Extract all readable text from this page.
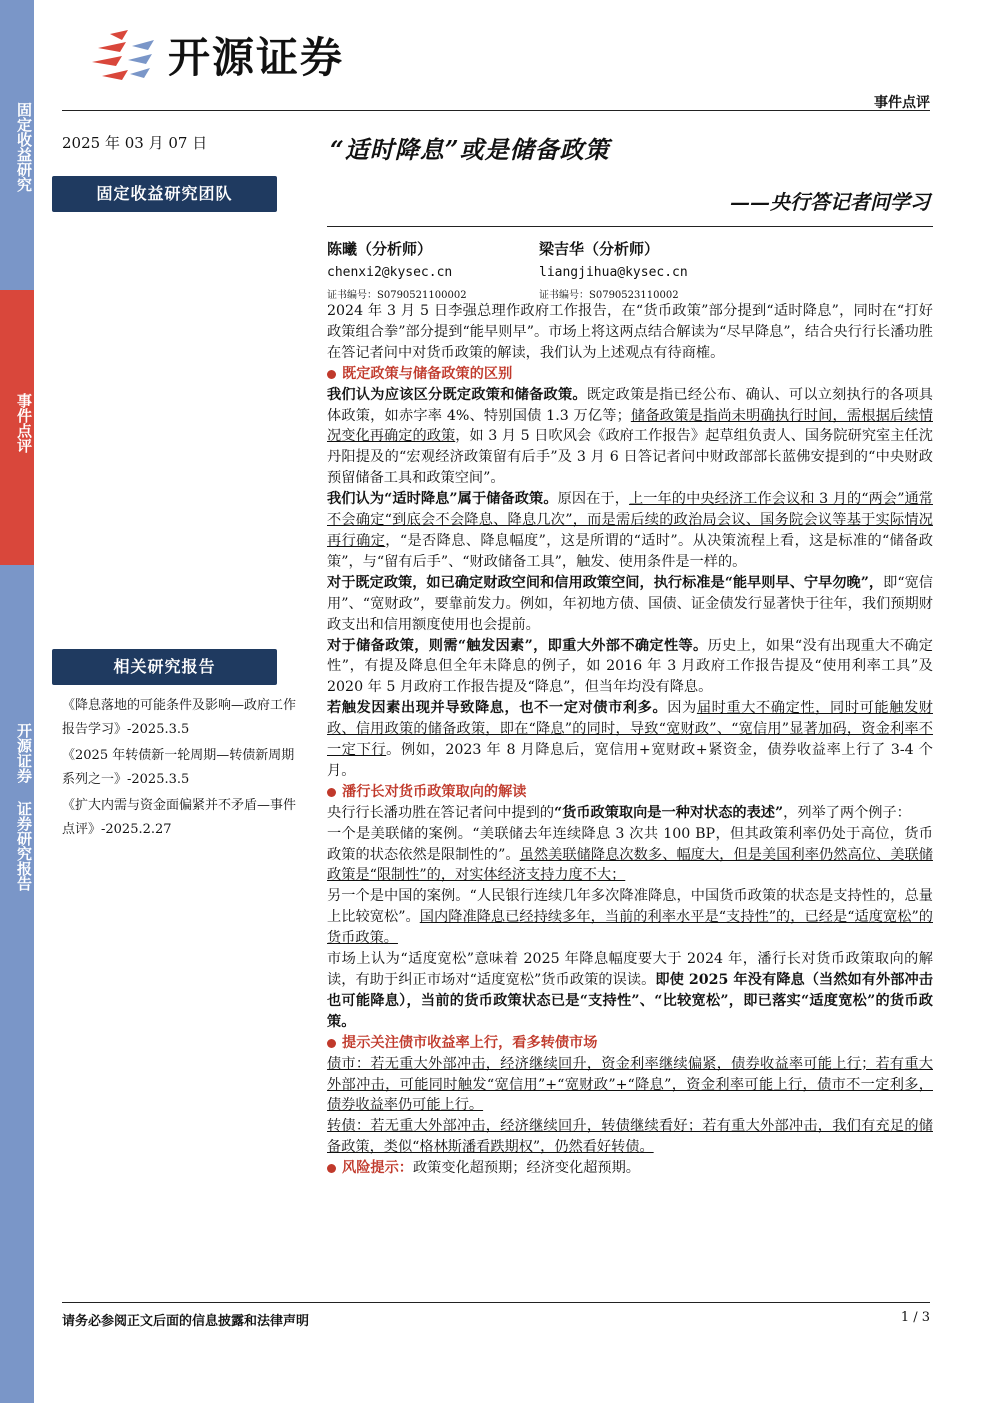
固定收益研究
事件点评
开源证券 证券研究报告
开源证券
事件点评
2025 年 03 月 07 日	“适时降息”或是储备政策
——央行答记者问学习
固定收益研究团队
陈曦（分析师）
chenxi2@kysec.cn
证书编号：S0790521100002
梁吉华（分析师）
liangjihua@kysec.cn
证书编号：S0790523110002
相关研究报告
《降息落地的可能条件及影响—政府工作报告学习》-2025.3.5
《2025 年转债新一轮周期—转债新周期系列之一》-2025.3.5
《扩大内需与资金面偏紧并不矛盾—事件点评》-2025.2.27

2024 年 3 月 5 日李强总理作政府工作报告，在“货币政策”部分提到“适时降息”，同时在“打好政策组合拳”部分提到“能早则早”。市场上将这两点结合解读为“尽早降息”，结合央行行长潘功胜在答记者问中对货币政策的解读，我们认为上述观点有待商榷。

既定政策与储备政策的区别

我们认为应该区分既定政策和储备政策。既定政策是指已经公布、确认、可以立刻执行的各项具体政策，如赤字率 4%、特别国债 1.3 万亿等；储备政策是指尚未明确执行时间，需根据后续情况变化再确定的政策，如 3 月 5 日吹风会《政府工作报告》起草组负责人、国务院研究室主任沈丹阳提及的“宏观经济政策留有后手”及 3 月 6 日答记者问中财政部部长蓝佛安提到的“中央财政预留储备工具和政策空间”。

我们认为“适时降息”属于储备政策。原因在于，上一年的中央经济工作会议和 3 月的“两会”通常不会确定“到底会不会降息、降息几次”，而是需后续的政治局会议、国务院会议等基于实际情况再行确定，“是否降息、降息幅度”，这是所谓的“适时”。从决策流程上看，这是标准的“储备政策”，与“留有后手”、“财政储备工具”，触发、使用条件是一样的。

对于既定政策，如已确定财政空间和信用政策空间，执行标准是“能早则早、宁早勿晚”，即“宽信用”、“宽财政”，要靠前发力。例如，年初地方债、国债、证金债发行显著快于往年，我们预期财政支出和信用额度使用也会提前。

对于储备政策，则需“触发因素”，即重大外部不确定性等。历史上，如果“没有出现重大不确定性”，有提及降息但全年未降息的例子，如 2016 年 3 月政府工作报告提及“使用利率工具”及 2020 年 5 月政府工作报告提及“降息”，但当年均没有降息。

若触发因素出现并导致降息，也不一定对债市利多。因为届时重大不确定性，同时可能触发财政、信用政策的储备政策，即在“降息”的同时，导致“宽财政”、“宽信用”显著加码，资金利率不一定下行。例如，2023 年 8 月降息后，宽信用+宽财政+紧资金，债券收益率上行了 3-4 个月。

潘行长对货币政策取向的解读

央行行长潘功胜在答记者问中提到的“货币政策取向是一种对状态的表述”，列举了两个例子：

一个是美联储的案例。“美联储去年连续降息 3 次共 100 BP，但其政策利率仍处于高位，货币政策的状态依然是限制性的”。虽然美联储降息次数多、幅度大，但是美国利率仍然高位、美联储政策是“限制性”的，对实体经济支持力度不大；

另一个是中国的案例。“人民银行连续几年多次降准降息，中国货币政策的状态是支持性的，总量上比较宽松”。国内降准降息已经持续多年，当前的利率水平是“支持性”的，已经是“适度宽松”的货币政策。

市场上认为“适度宽松”意味着 2025 年降息幅度要大于 2024 年，潘行长对货币政策取向的解读，有助于纠正市场对“适度宽松”货币政策的误读。即使 2025 年没有降息（当然如有外部冲击也可能降息），当前的货币政策状态已是“支持性”、“比较宽松”，即已落实“适度宽松”的货币政策。

提示关注债市收益率上行，看多转债市场

债市：若无重大外部冲击，经济继续回升，资金利率继续偏紧，债券收益率可能上行；若有重大外部冲击，可能同时触发“宽信用”+“宽财政”+“降息”，资金利率可能上行，债市不一定利多，债券收益率仍可能上行。

转债：若无重大外部冲击，经济继续回升，转债继续看好；若有重大外部冲击，我们有充足的储备政策，类似“格林斯潘看跌期权”，仍然看好转债。

风险提示： 政策变化超预期；经济变化超预期。
请务必参阅正文后面的信息披露和法律声明	1 / 3
